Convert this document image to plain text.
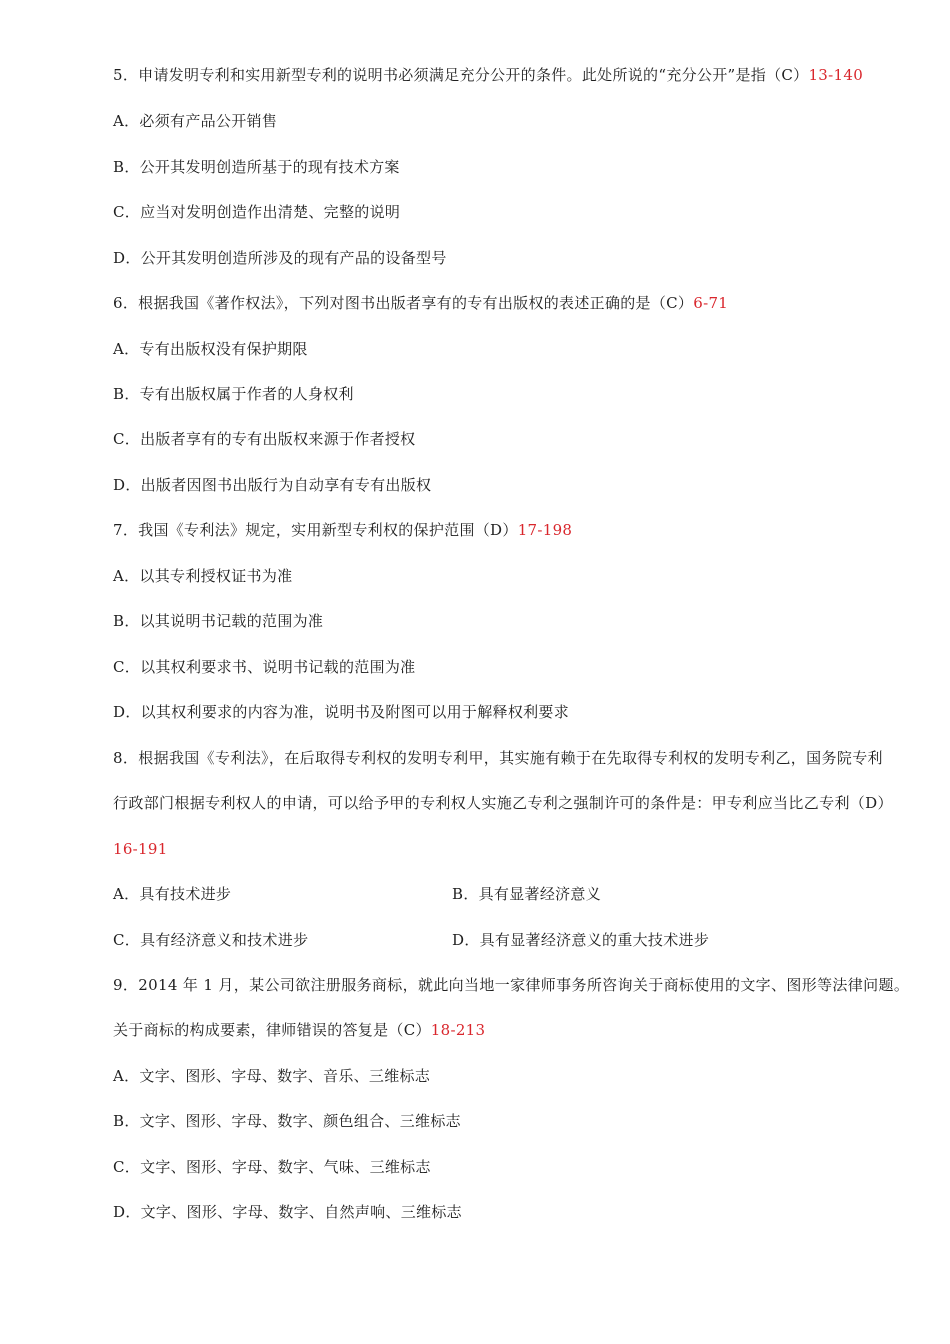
5．申请发明专利和实用新型专利的说明书必须满足充分公开的条件。此处所说的“充分公开”是指（C）13-140
A．必须有产品公开销售
B．公开其发明创造所基于的现有技术方案
C．应当对发明创造作出清楚、完整的说明
D．公开其发明创造所涉及的现有产品的设备型号
6．根据我国《著作权法》，下列对图书出版者享有的专有出版权的表述正确的是（C）6-71
A．专有出版权没有保护期限
B．专有出版权属于作者的人身权利
C．出版者享有的专有出版权来源于作者授权
D．出版者因图书出版行为自动享有专有出版权
7．我国《专利法》规定，实用新型专利权的保护范围（D）17-198
A．以其专利授权证书为准
B．以其说明书记载的范围为准
C．以其权利要求书、说明书记载的范围为准
D．以其权利要求的内容为准，说明书及附图可以用于解释权利要求
8．根据我国《专利法》，在后取得专利权的发明专利甲，其实施有赖于在先取得专利权的发明专利乙，国务院专利
行政部门根据专利权人的申请，可以给予甲的专利权人实施乙专利之强制许可的条件是：甲专利应当比乙专利（D）
16-191
A．具有技术进步	B．具有显著经济意义
C．具有经济意义和技术进步	D．具有显著经济意义的重大技术进步
9．2014 年 1 月，某公司欲注册服务商标，就此向当地一家律师事务所咨询关于商标使用的文字、图形等法律问题。
关于商标的构成要素，律师错误的答复是（C）18-213
A．文字、图形、字母、数字、音乐、三维标志
B．文字、图形、字母、数字、颜色组合、三维标志
C．文字、图形、字母、数字、气味、三维标志
D．文字、图形、字母、数字、自然声响、三维标志
